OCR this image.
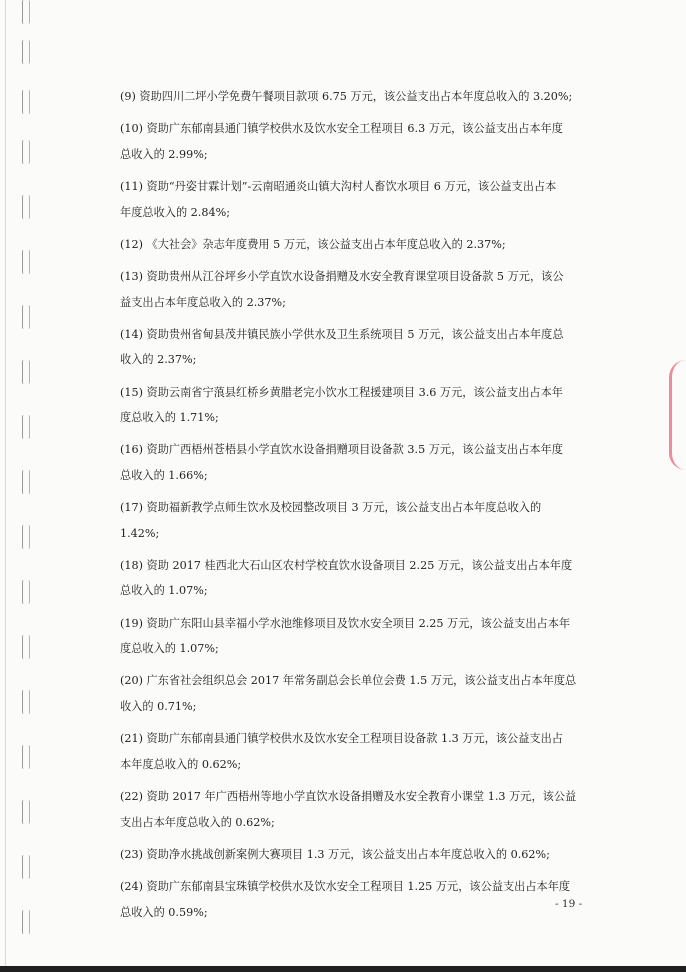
(9) 资助四川二坪小学免费午餐项目款项 6.75 万元，该公益支出占本年度总收入的 3.20%;

(10) 资助广东郁南县通门镇学校供水及饮水安全工程项目 6.3 万元，该公益支出占本年度

总收入的 2.99%;

(11) 资助“丹姿甘霖计划”-云南昭通炎山镇大沟村人畜饮水项目 6 万元，该公益支出占本

年度总收入的 2.84%;

(12) 《大社会》杂志年度费用 5 万元，该公益支出占本年度总收入的 2.37%;

(13) 资助贵州从江谷坪乡小学直饮水设备捐赠及水安全教育课堂项目设备款 5 万元，该公

益支出占本年度总收入的 2.37%;

(14) 资助贵州省甸县茂井镇民族小学供水及卫生系统项目 5 万元，该公益支出占本年度总

收入的 2.37%;

(15) 资助云南省宁蒗县红桥乡黄腊老完小饮水工程援建项目 3.6 万元，该公益支出占本年

度总收入的 1.71%;

(16) 资助广西梧州苍梧县小学直饮水设备捐赠项目设备款 3.5 万元，该公益支出占本年度

总收入的 1.66%;

(17) 资助福新教学点师生饮水及校园整改项目 3 万元，该公益支出占本年度总收入的

1.42%;

(18) 资助 2017 桂西北大石山区农村学校直饮水设备项目 2.25 万元，该公益支出占本年度

总收入的 1.07%;

(19) 资助广东阳山县幸福小学水池维修项目及饮水安全项目 2.25 万元，该公益支出占本年

度总收入的 1.07%;

(20) 广东省社会组织总会 2017 年常务副总会长单位会费 1.5 万元，该公益支出占本年度总

收入的 0.71%;

(21) 资助广东郁南县通门镇学校供水及饮水安全工程项目设备款 1.3 万元，该公益支出占

本年度总收入的 0.62%;

(22) 资助 2017 年广西梧州等地小学直饮水设备捐赠及水安全教育小课堂 1.3 万元，该公益

支出占本年度总收入的 0.62%;

(23) 资助净水挑战创新案例大赛项目 1.3 万元，该公益支出占本年度总收入的 0.62%;

(24) 资助广东郁南县宝珠镇学校供水及饮水安全工程项目 1.25 万元，该公益支出占本年度

总收入的 0.59%;

- 19 -
